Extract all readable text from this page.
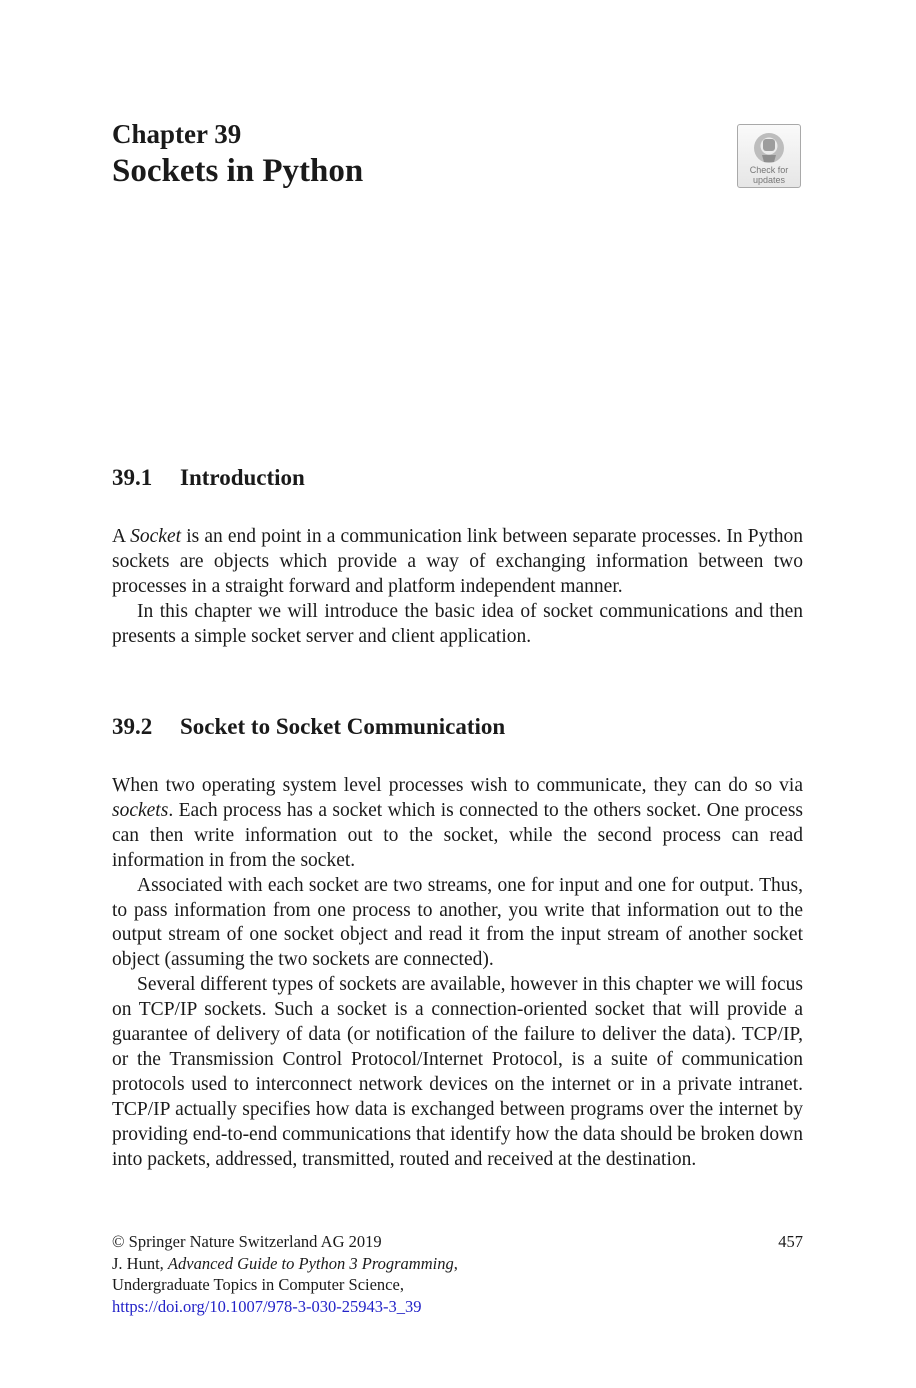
Chapter 39
Sockets in Python	Check for
updates
39.1 Introduction

A Socket is an end point in a communication link between separate processes. In Python sockets are objects which provide a way of exchanging information between two processes in a straight forward and platform independent manner.

In this chapter we will introduce the basic idea of socket communications and then presents a simple socket server and client application.

39.2 Socket to Socket Communication

When two operating system level processes wish to communicate, they can do so via sockets. Each process has a socket which is connected to the others socket. One process can then write information out to the socket, while the second process can read information in from the socket.

Associated with each socket are two streams, one for input and one for output. Thus, to pass information from one process to another, you write that information out to the output stream of one socket object and read it from the input stream of another socket object (assuming the two sockets are connected).

Several different types of sockets are available, however in this chapter we will focus on TCP/IP sockets. Such a socket is a connection-oriented socket that will provide a guarantee of delivery of data (or notification of the failure to deliver the data). TCP/IP, or the Transmission Control Protocol/Internet Protocol, is a suite of communication protocols used to interconnect network devices on the internet or in a private intranet. TCP/IP actually specifies how data is exchanged between programs over the internet by providing end-to-end communications that identify how the data should be broken down into packets, addressed, transmitted, routed and received at the destination.

© Springer Nature Switzerland AG 2019

J. Hunt, Advanced Guide to Python 3 Programming,

Undergraduate Topics in Computer Science,

https://doi.org/10.1007/978-3-030-25943-3_39

457
